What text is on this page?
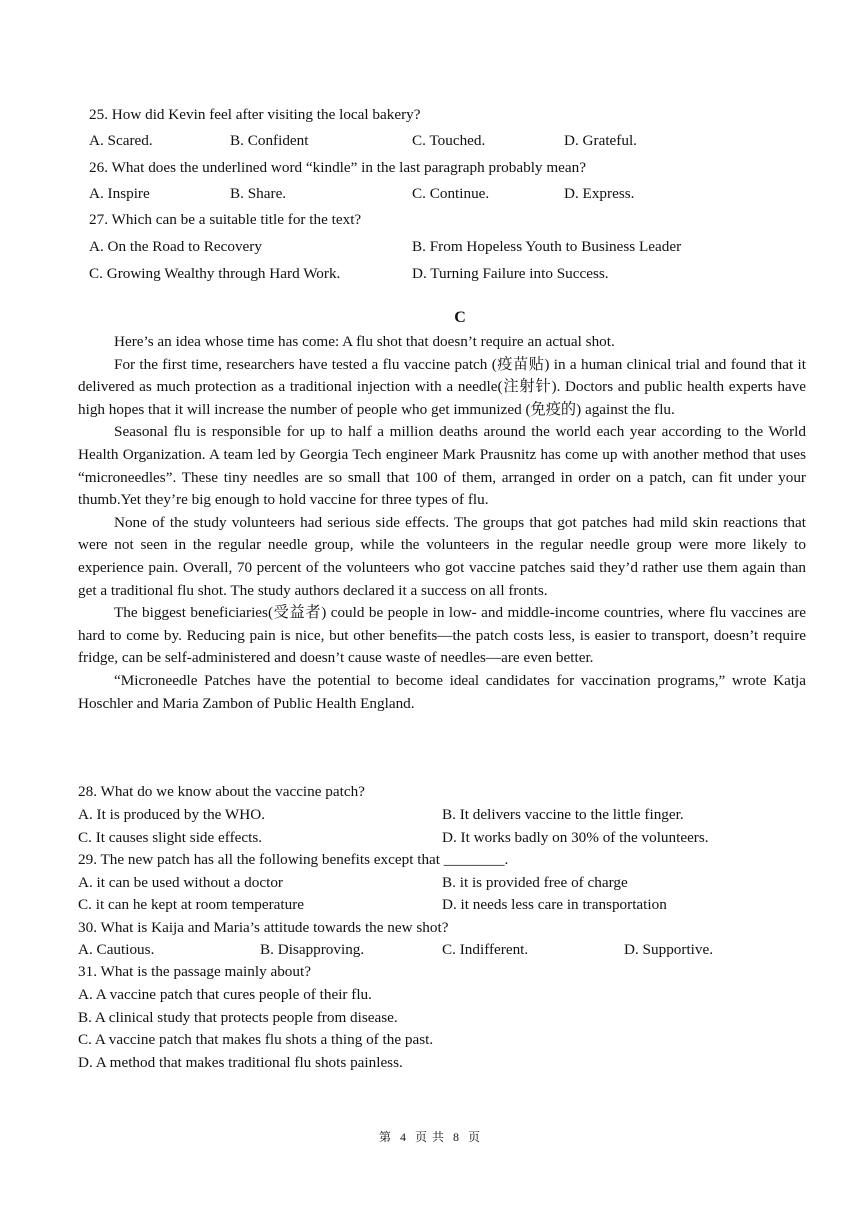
25. How did Kevin feel after visiting the local bakery?
A. Scared.	B. Confident	C. Touched.	D. Grateful.
26. What does the underlined word “kindle” in the last paragraph probably mean?
A. Inspire	B. Share.	C. Continue.	D. Express.
27. Which can be a suitable title for the text?
A. On the Road to Recovery	B. From Hopeless Youth to Business Leader
C. Growing Wealthy through Hard Work.	D. Turning Failure into Success.
C

Here’s an idea whose time has come: A flu shot that doesn’t require an actual shot.

For the first time, researchers have tested a flu vaccine patch (疫苗贴) in a human clinical trial and found that it delivered as much protection as a traditional injection with a needle(注射针). Doctors and public health experts have high hopes that it will increase the number of people who get immunized (免疫的) against the flu.

Seasonal flu is responsible for up to half a million deaths around the world each year according to the World Health Organization. A team led by Georgia Tech engineer Mark Prausnitz has come up with another method that uses “microneedles”. These tiny needles are so small that 100 of them, arranged in order on a patch, can fit under your thumb.Yet they’re big enough to hold vaccine for three types of flu.

None of the study volunteers had serious side effects. The groups that got patches had mild skin reactions that were not seen in the regular needle group, while the volunteers in the regular needle group were more likely to experience pain. Overall, 70 percent of the volunteers who got vaccine patches said they’d rather use them again than get a traditional flu shot. The study authors declared it a success on all fronts.

The biggest beneficiaries(受益者) could be people in low- and middle-income countries, where flu vaccines are hard to come by. Reducing pain is nice, but other benefits—the patch costs less, is easier to transport, doesn’t require fridge, can be self-administered and doesn’t cause waste of needles—are even better.

“Microneedle Patches have the potential to become ideal candidates for vaccination programs,” wrote Katja Hoschler and Maria Zambon of Public Health England.

28. What do we know about the vaccine patch?
A. It is produced by the WHO.	B. It delivers vaccine to the little finger.
C. It causes slight side effects.	D. It works badly on 30% of the volunteers.
29. The new patch has all the following benefits except that ________.
A. it can be used without a doctor	B. it is provided free of charge
C. it can he kept at room temperature	D. it needs less care in transportation
30. What is Kaija and Maria’s attitude towards the new shot?
A. Cautious.	B. Disapproving.	C. Indifferent.	D. Supportive.
31. What is the passage mainly about?
A. A vaccine patch that cures people of their flu.
B. A clinical study that protects people from disease.
C. A vaccine patch that makes flu shots a thing of the past.
D. A method that makes traditional flu shots painless.
第 4 页 共 8 页
